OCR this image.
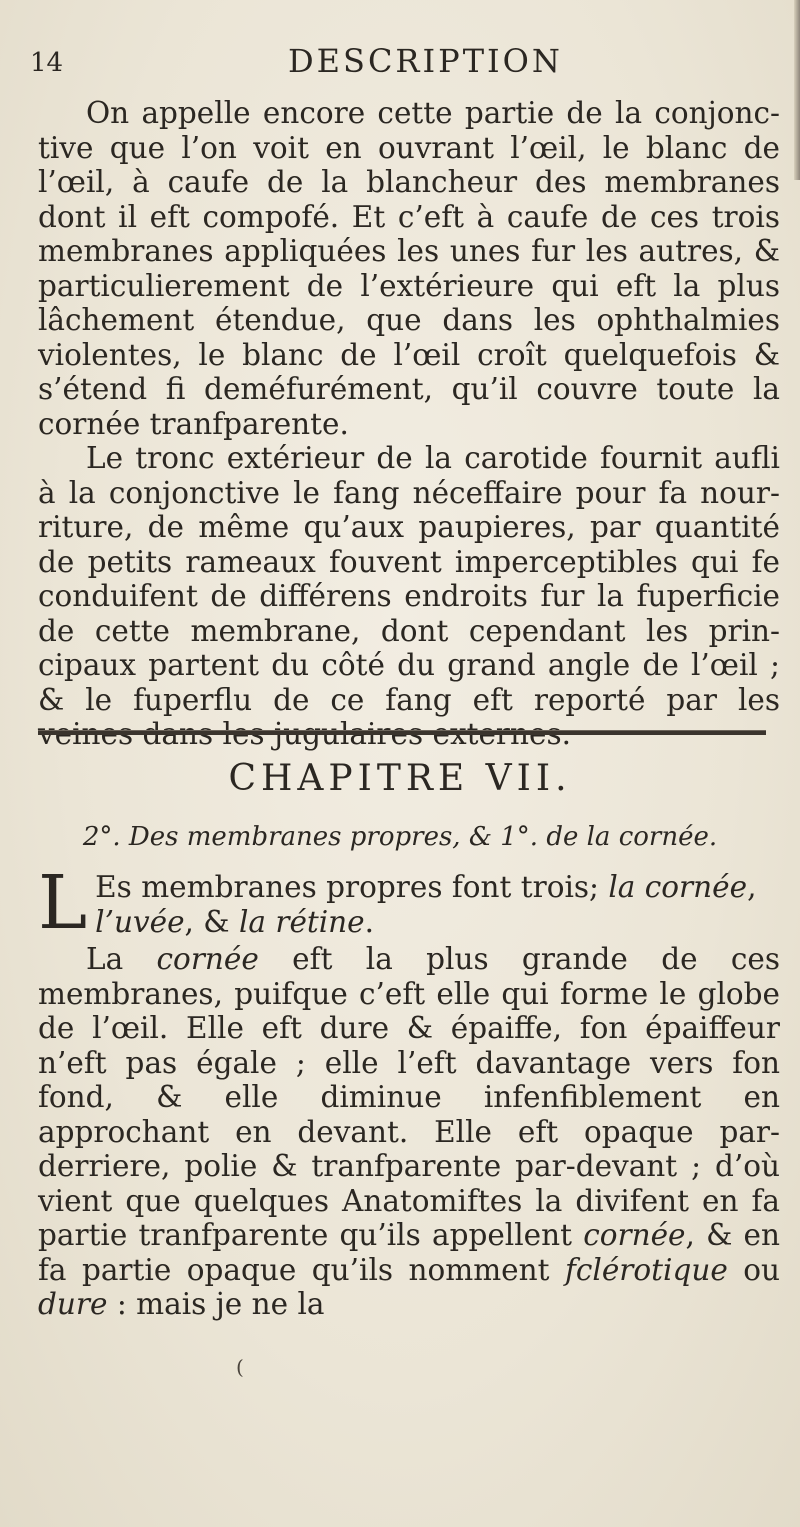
14	DESCRIPTION

On appelle encore cette partie de la conjonctive que l’on voit en ouvrant l’œil, le blanc de l’œil, à caufe de la blancheur des membranes dont il eft compofé. Et c’eft à caufe de ces trois membranes appliquées les unes fur les autres, & particulierement de l’extérieure qui eft la plus lâchement étendue, que dans les ophthalmies violentes, le blanc de l’œil croît quelquefois & s’étend fi deméfurément, qu’il couvre toute la cornée tranfparente.

Le tronc extérieur de la carotide fournit aufli à la conjonctive le fang néceffaire pour fa nourriture, de même qu’aux paupieres, par quantité de petits rameaux fouvent imperceptibles qui fe conduifent de différens endroits fur la fuperficie de cette membrane, dont cependant les principaux partent du côté du grand angle de l’œil ; & le fuperflu de ce fang eft reporté par les

CHAPITRE VII.
2°. Des membranes propres, & 1°. de la cornée.
L Es membranes propres font trois; la cornée, l’uvée, & la rétine.

La cornée eft la plus grande de ces membranes, puifque c’eft elle qui forme le globe de l’œil. Elle eft dure & épaiffe, fon épaiffeur n’eft pas égale ; elle l’eft davantage vers fon fond, & elle diminue infenfiblement en approchant en devant. Elle eft opaque par-derriere, polie & tranfparente par-devant ; d’où vient que quelques Anatomiftes la divifent en fa partie tranfparente qu’ils appellent cornée, & en fa partie opaque qu’ils nomment fclérotique ou dure : mais je ne la

(
